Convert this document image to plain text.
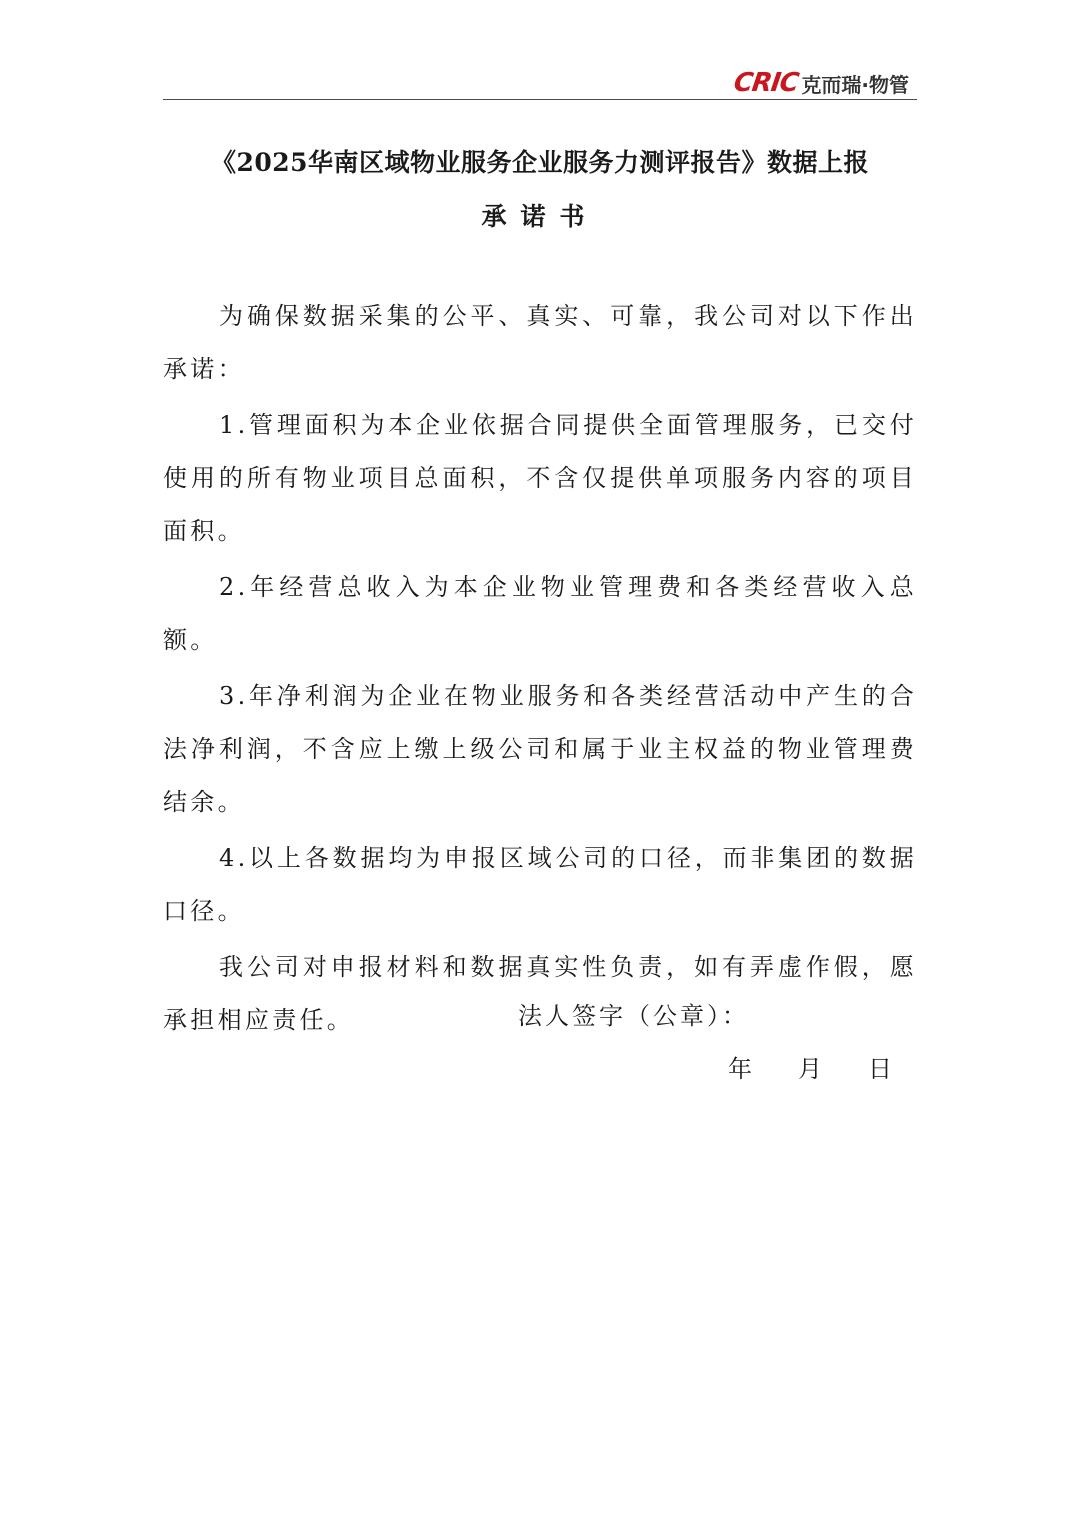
CRIC 克而瑞·物管
《2025华南区域物业服务企业服务力测评报告》数据上报
承诺书

为确保数据采集的公平、真实、可靠，我公司对以下作出承诺：

1.管理面积为本企业依据合同提供全面管理服务，已交付使用的所有物业项目总面积，不含仅提供单项服务内容的项目面积。

2.年经营总收入为本企业物业管理费和各类经营收入总额。

3.年净利润为企业在物业服务和各类经营活动中产生的合法净利润，不含应上缴上级公司和属于业主权益的物业管理费结余。

4.以上各数据均为申报区域公司的口径，而非集团的数据口径。

我公司对申报材料和数据真实性负责，如有弄虚作假，愿承担相应责任。	法人签字（公章）：
年	月	日
